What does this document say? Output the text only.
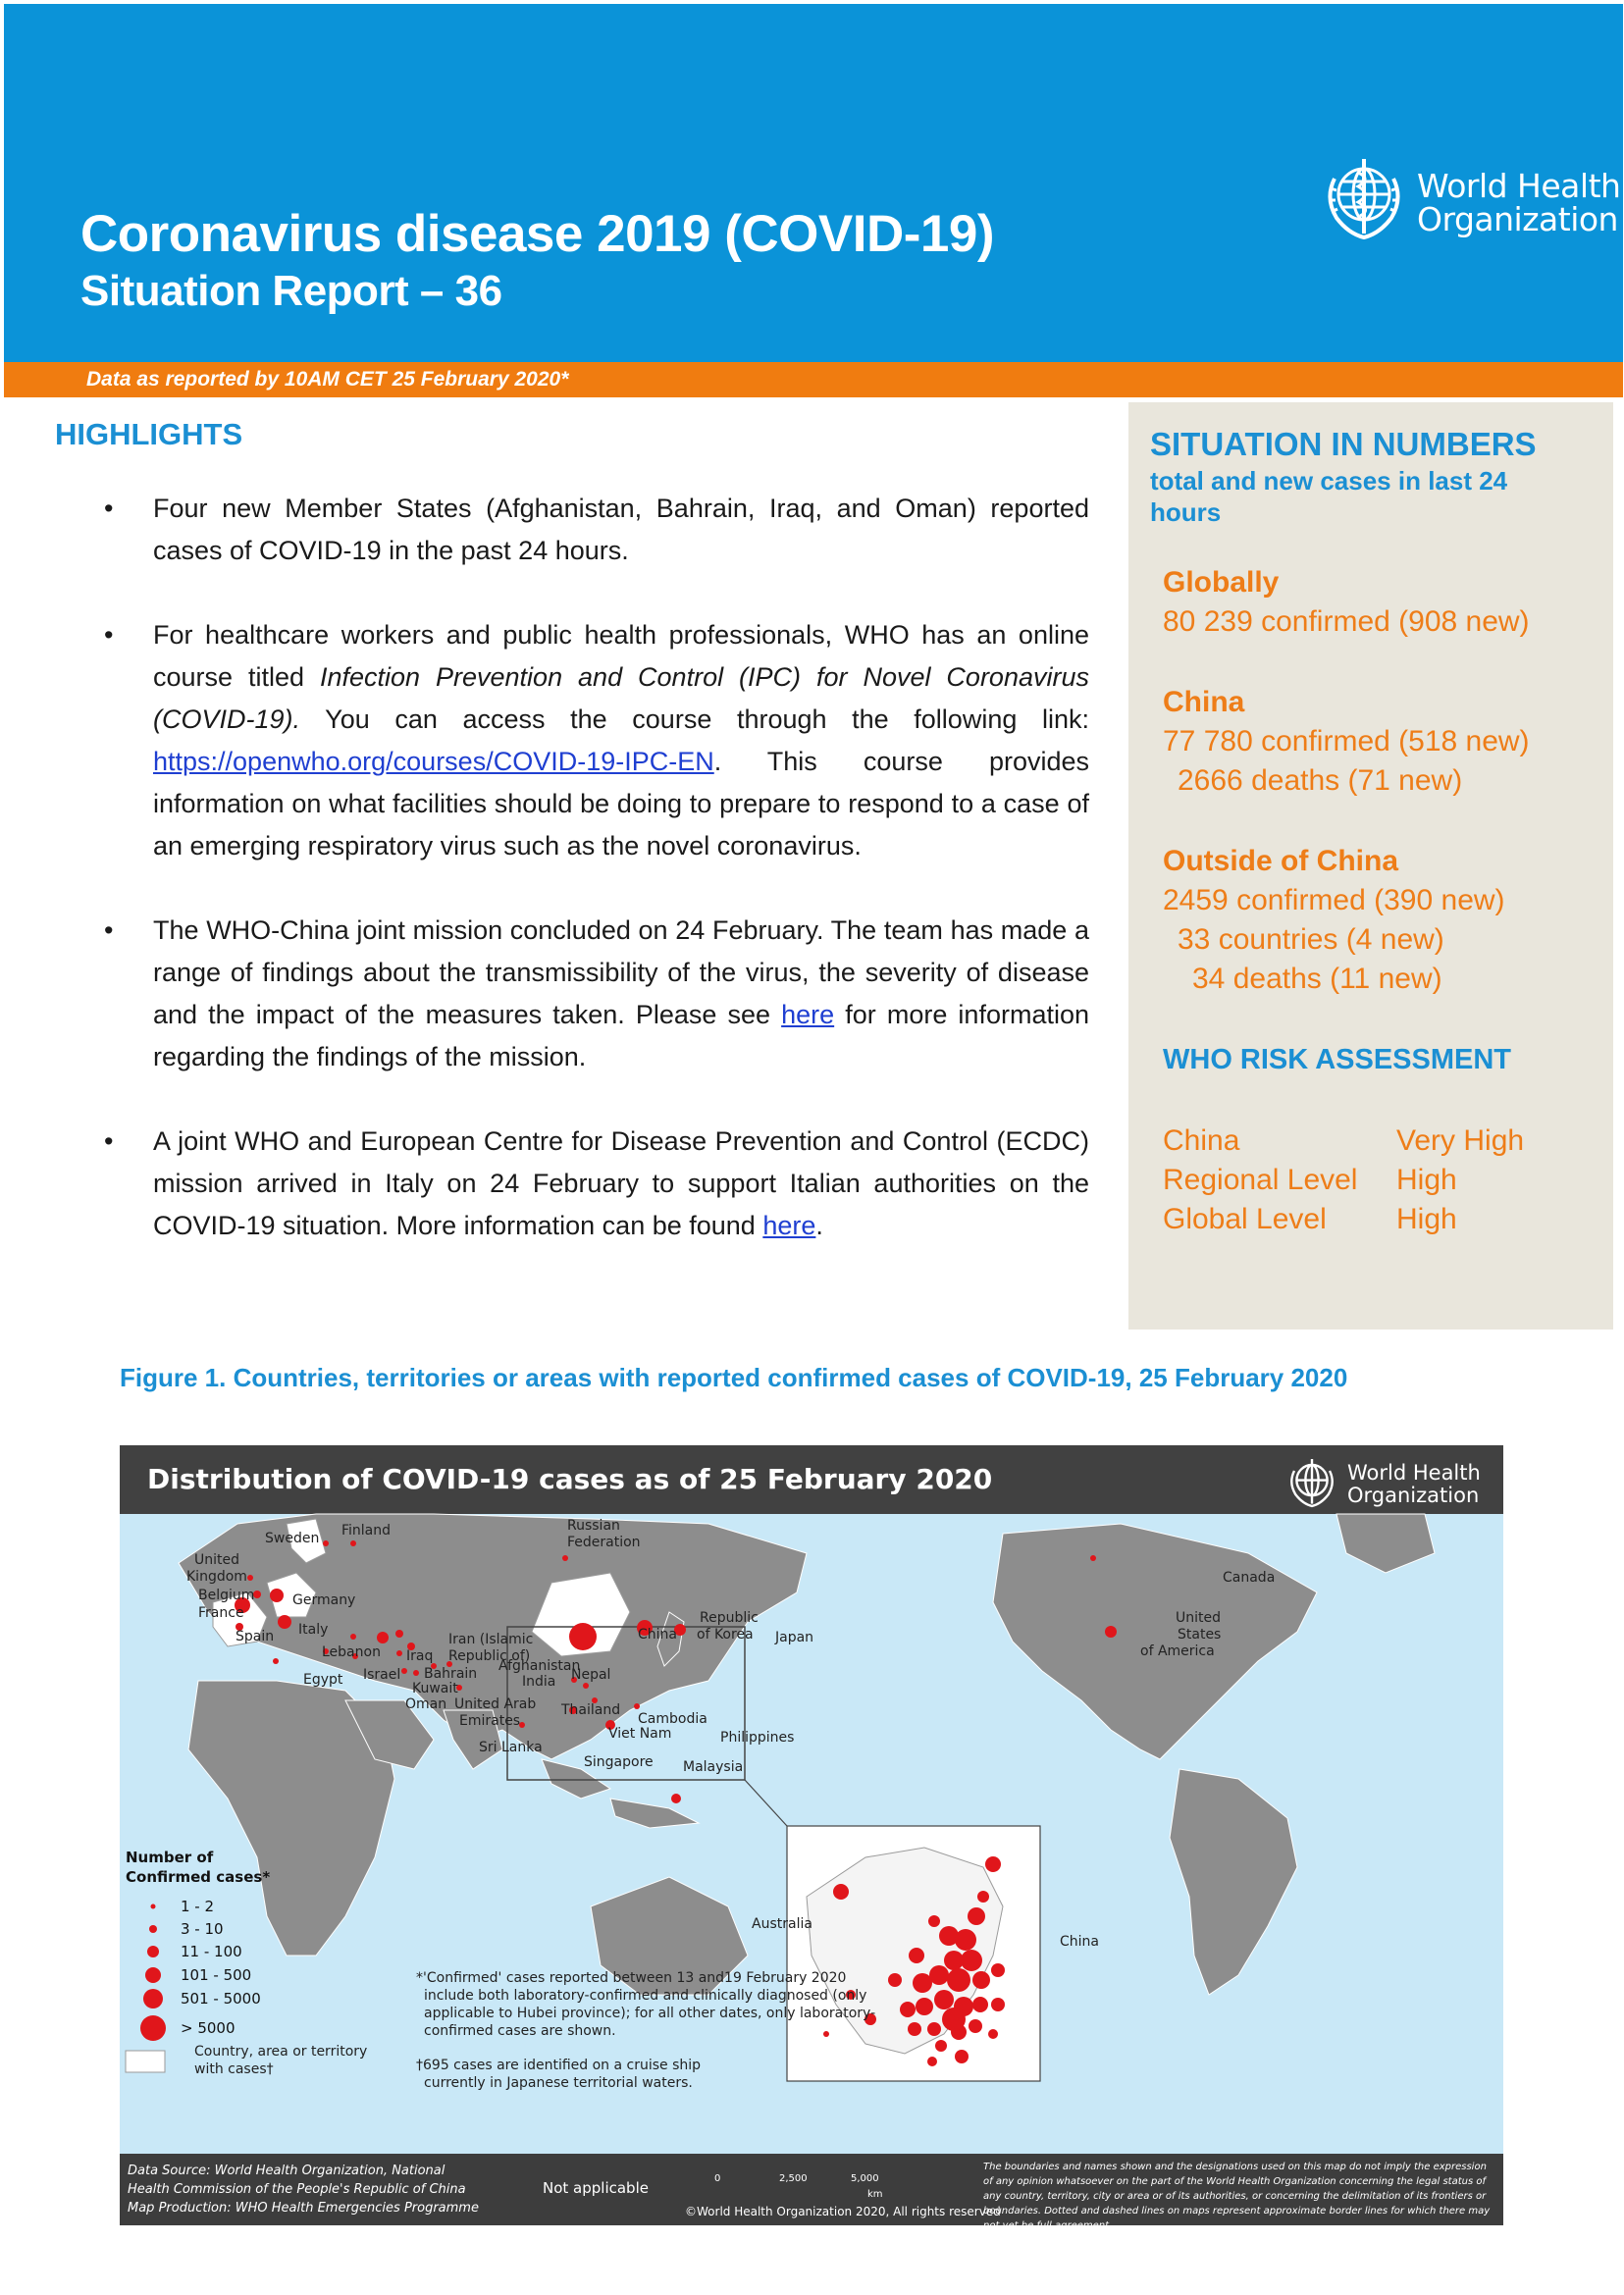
Coronavirus disease 2019 (COVID-19)
Situation Report – 36
World Health
Organization
Data as reported by 10AM CET 25 February 2020*
HIGHLIGHTS
• Four new Member States (Afghanistan, Bahrain, Iraq, and Oman) reported cases of COVID-19 in the past 24 hours.
• For healthcare workers and public health professionals, WHO has an online course titled Infection Prevention and Control (IPC) for Novel Coronavirus (COVID-19). You can access the course through the following link: https://openwho.org/courses/COVID-19-IPC-EN. This course provides information on what facilities should be doing to prepare to respond to a case of an emerging respiratory virus such as the novel coronavirus.
• The WHO-China joint mission concluded on 24 February. The team has made a range of findings about the transmissibility of the virus, the severity of disease and the impact of the measures taken. Please see here for more information regarding the findings of the mission.
• A joint WHO and European Centre for Disease Prevention and Control (ECDC) mission arrived in Italy on 24 February to support Italian authorities on the COVID-19 situation. More information can be found here.
SITUATION IN NUMBERS
total and new cases in last 24 hours
Globally
80 239 confirmed (908 new)
China
77 780 confirmed (518 new)
2666 deaths (71 new)
Outside of China
2459 confirmed (390 new)
33 countries (4 new)
34 deaths (11 new)
WHO RISK ASSESSMENT
China	Very High
Regional Level High
Global Level High
Figure 1. Countries, territories or areas with reported confirmed cases of COVID-19, 25 February 2020
Distribution of COVID-19 cases as of 25 February 2020	World Health
Organization
Sweden Finland	Russian
Federation
United
Kingdom
Belgium	Germany
France
Spain Italy
Lebanon Iraq
Iran (Islamic
Republic of)
Egypt Israel Bahrain
Kuwait
Afghanistan
India Nepal
Oman United Arab
Emirates
Sri Lanka
Thailand
Cambodia
Viet Nam
Singapore Malaysia
Philippines
China
Republic
of Korea Japan
Canada
United
States
of America
Australia
China
Number of
Confirmed cases*
1 - 2
3 - 10
11 - 100
101 - 500
501 - 5000
> 5000
Country, area or territory
with cases†
*'Confirmed' cases reported between 13 and19 February 2020
include both laboratory-confirmed and clinically diagnosed (only
applicable to Hubei province); for all other dates, only laboratory-
confirmed cases are shown.
†695 cases are identified on a cruise ship
currently in Japanese territorial waters.
Data Source: World Health Organization, National
Health Commission of the People's Republic of China
Map Production: WHO Health Emergencies Programme
Not applicable
0	2,500	5,000
km
©World Health Organization 2020, All rights reserved
The boundaries and names shown and the designations used on this map do not imply the expression of any opinion whatsoever on the part of the World Health Organization concerning the legal status of any country, territory, city or area or of its authorities, or concerning the delimitation of its frontiers or boundaries. Dotted and dashed lines on maps represent approximate border lines for which there may not yet be full agreement.
